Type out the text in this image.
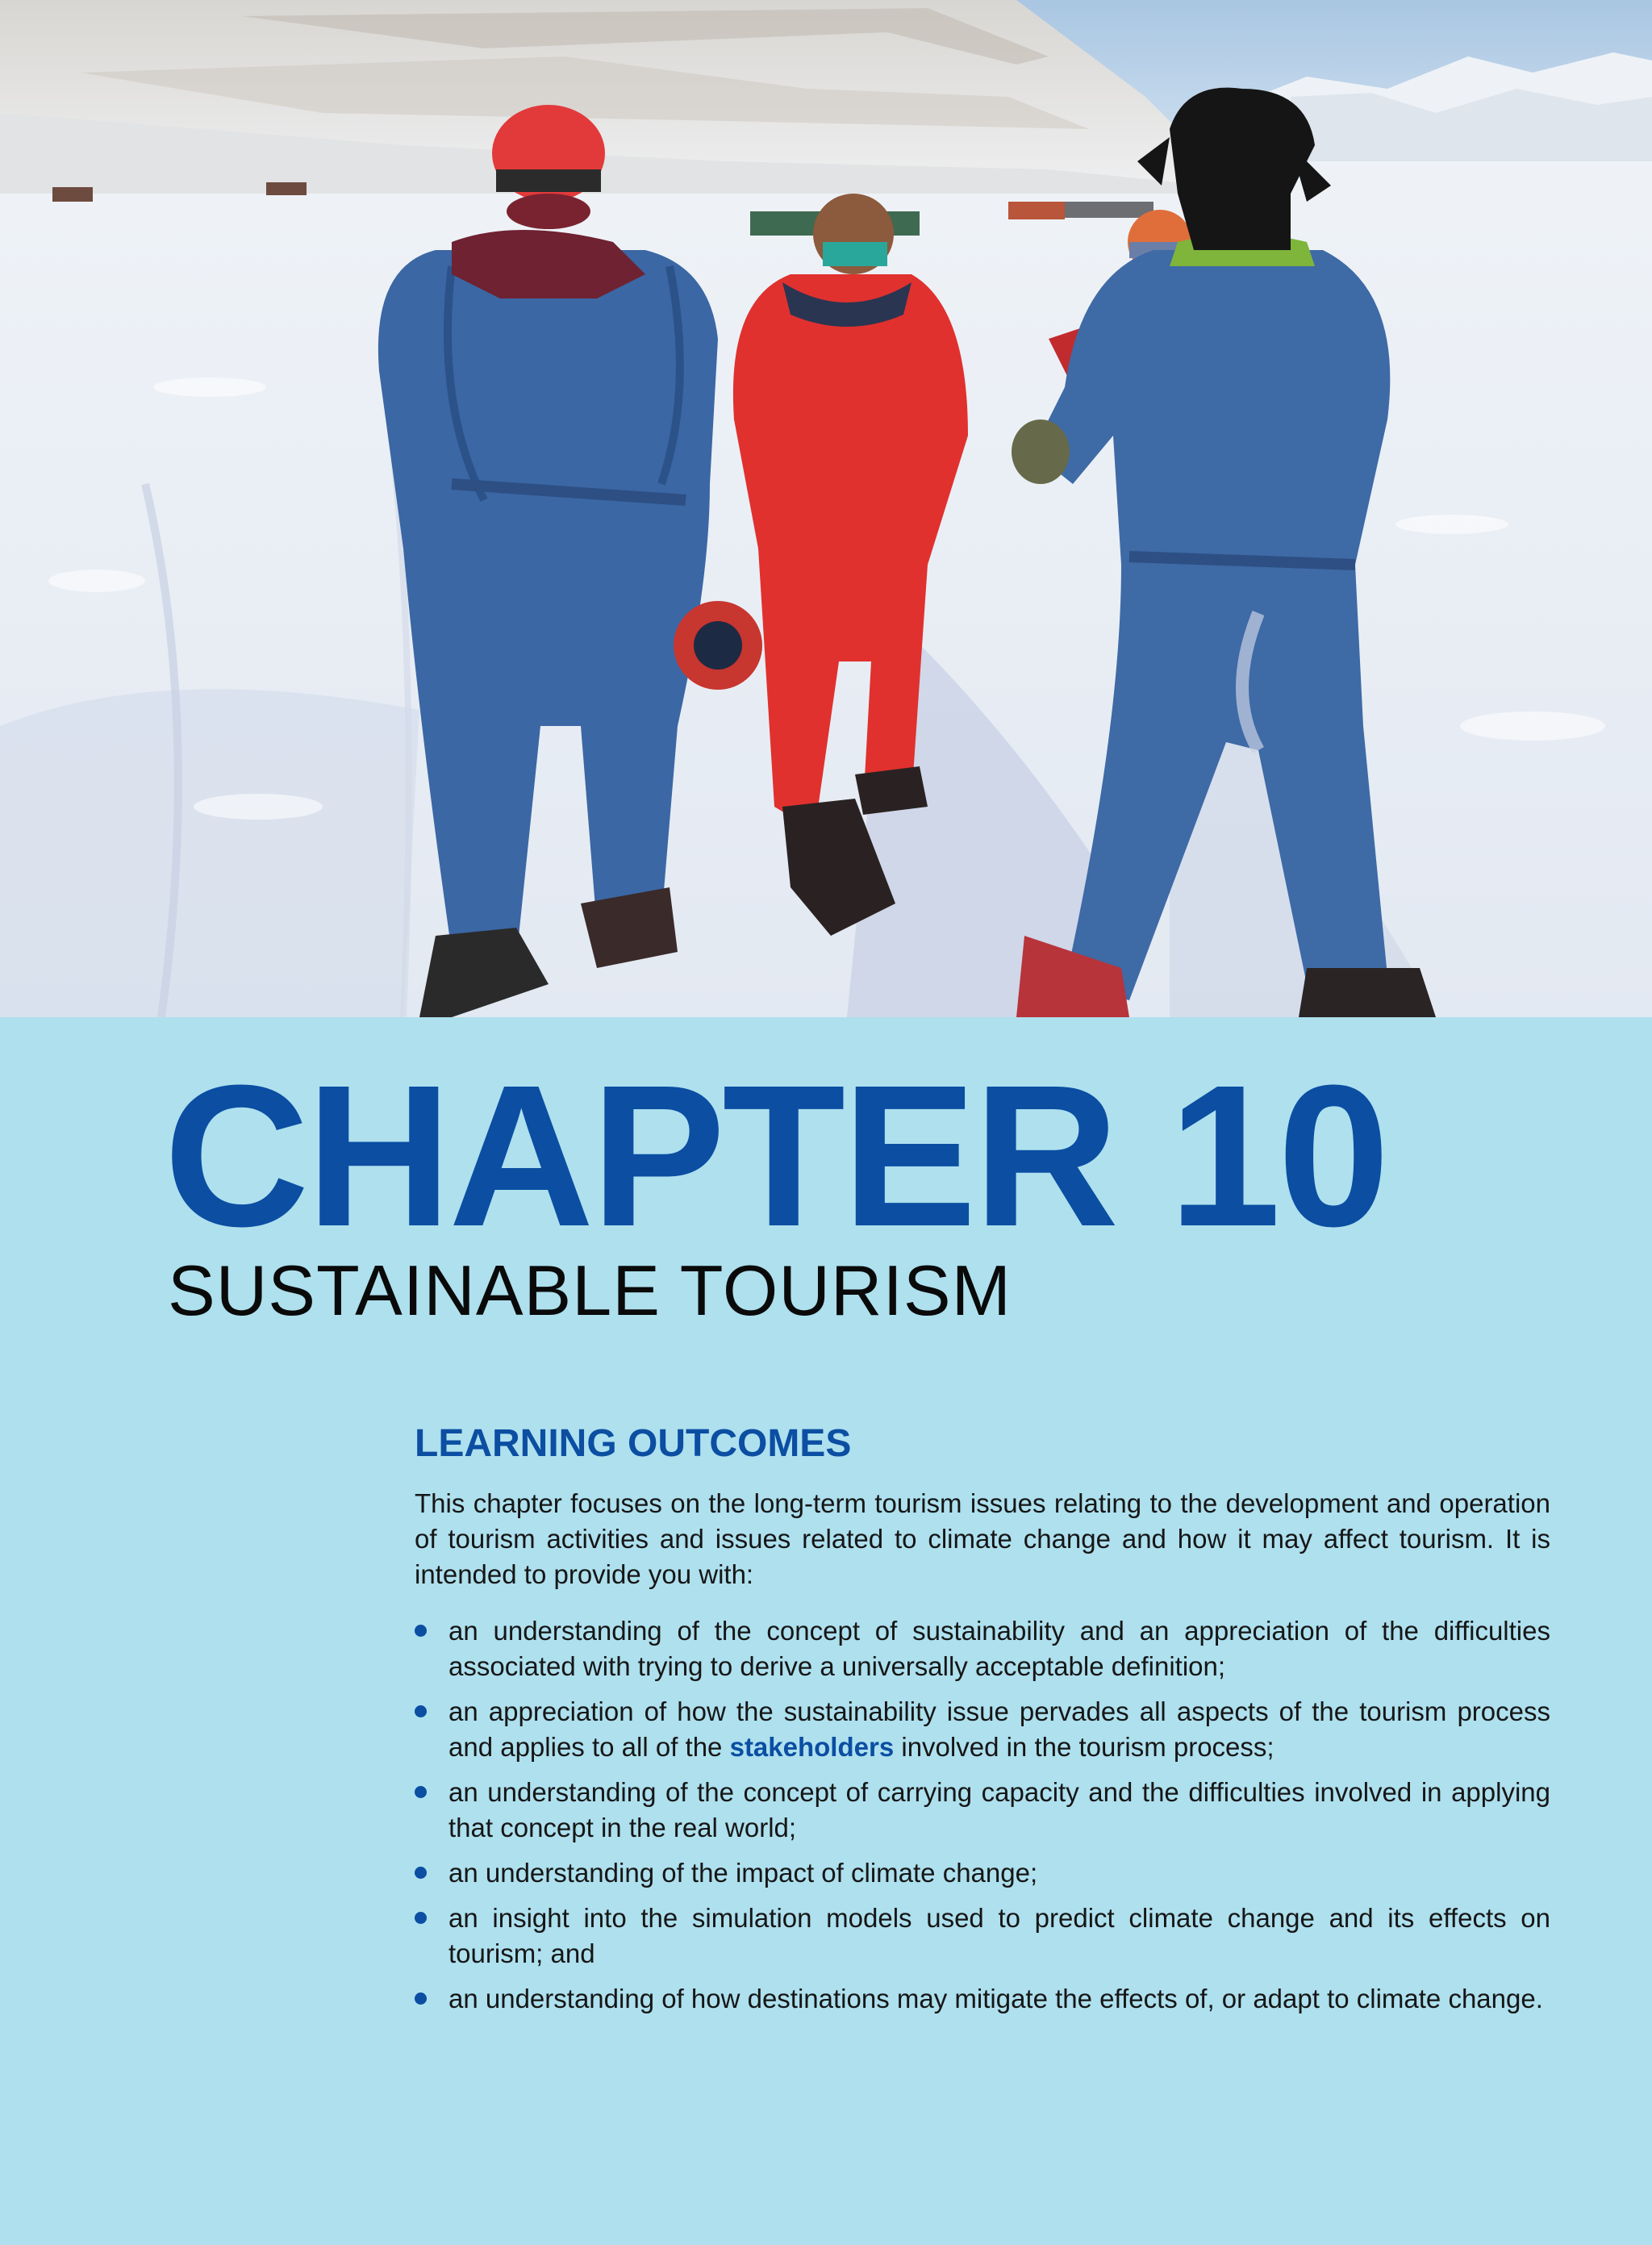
CHAPTER 10
SUSTAINABLE TOURISM
LEARNING OUTCOMES

This chapter focuses on the long-term tourism issues relating to the development and operation of tourism activities and issues related to climate change and how it may affect tourism. It is intended to provide you with:

an understanding of the concept of sustainability and an appreciation of the difficulties associated with trying to derive a universally acceptable definition;
an appreciation of how the sustainability issue pervades all aspects of the tourism process and applies to all of the stakeholders involved in the tourism process;
an understanding of the concept of carrying capacity and the difficulties involved in applying that concept in the real world;
an understanding of the impact of climate change;
an insight into the simulation models used to predict climate change and its effects on tourism; and
an understanding of how destinations may mitigate the effects of, or adapt to climate change.
